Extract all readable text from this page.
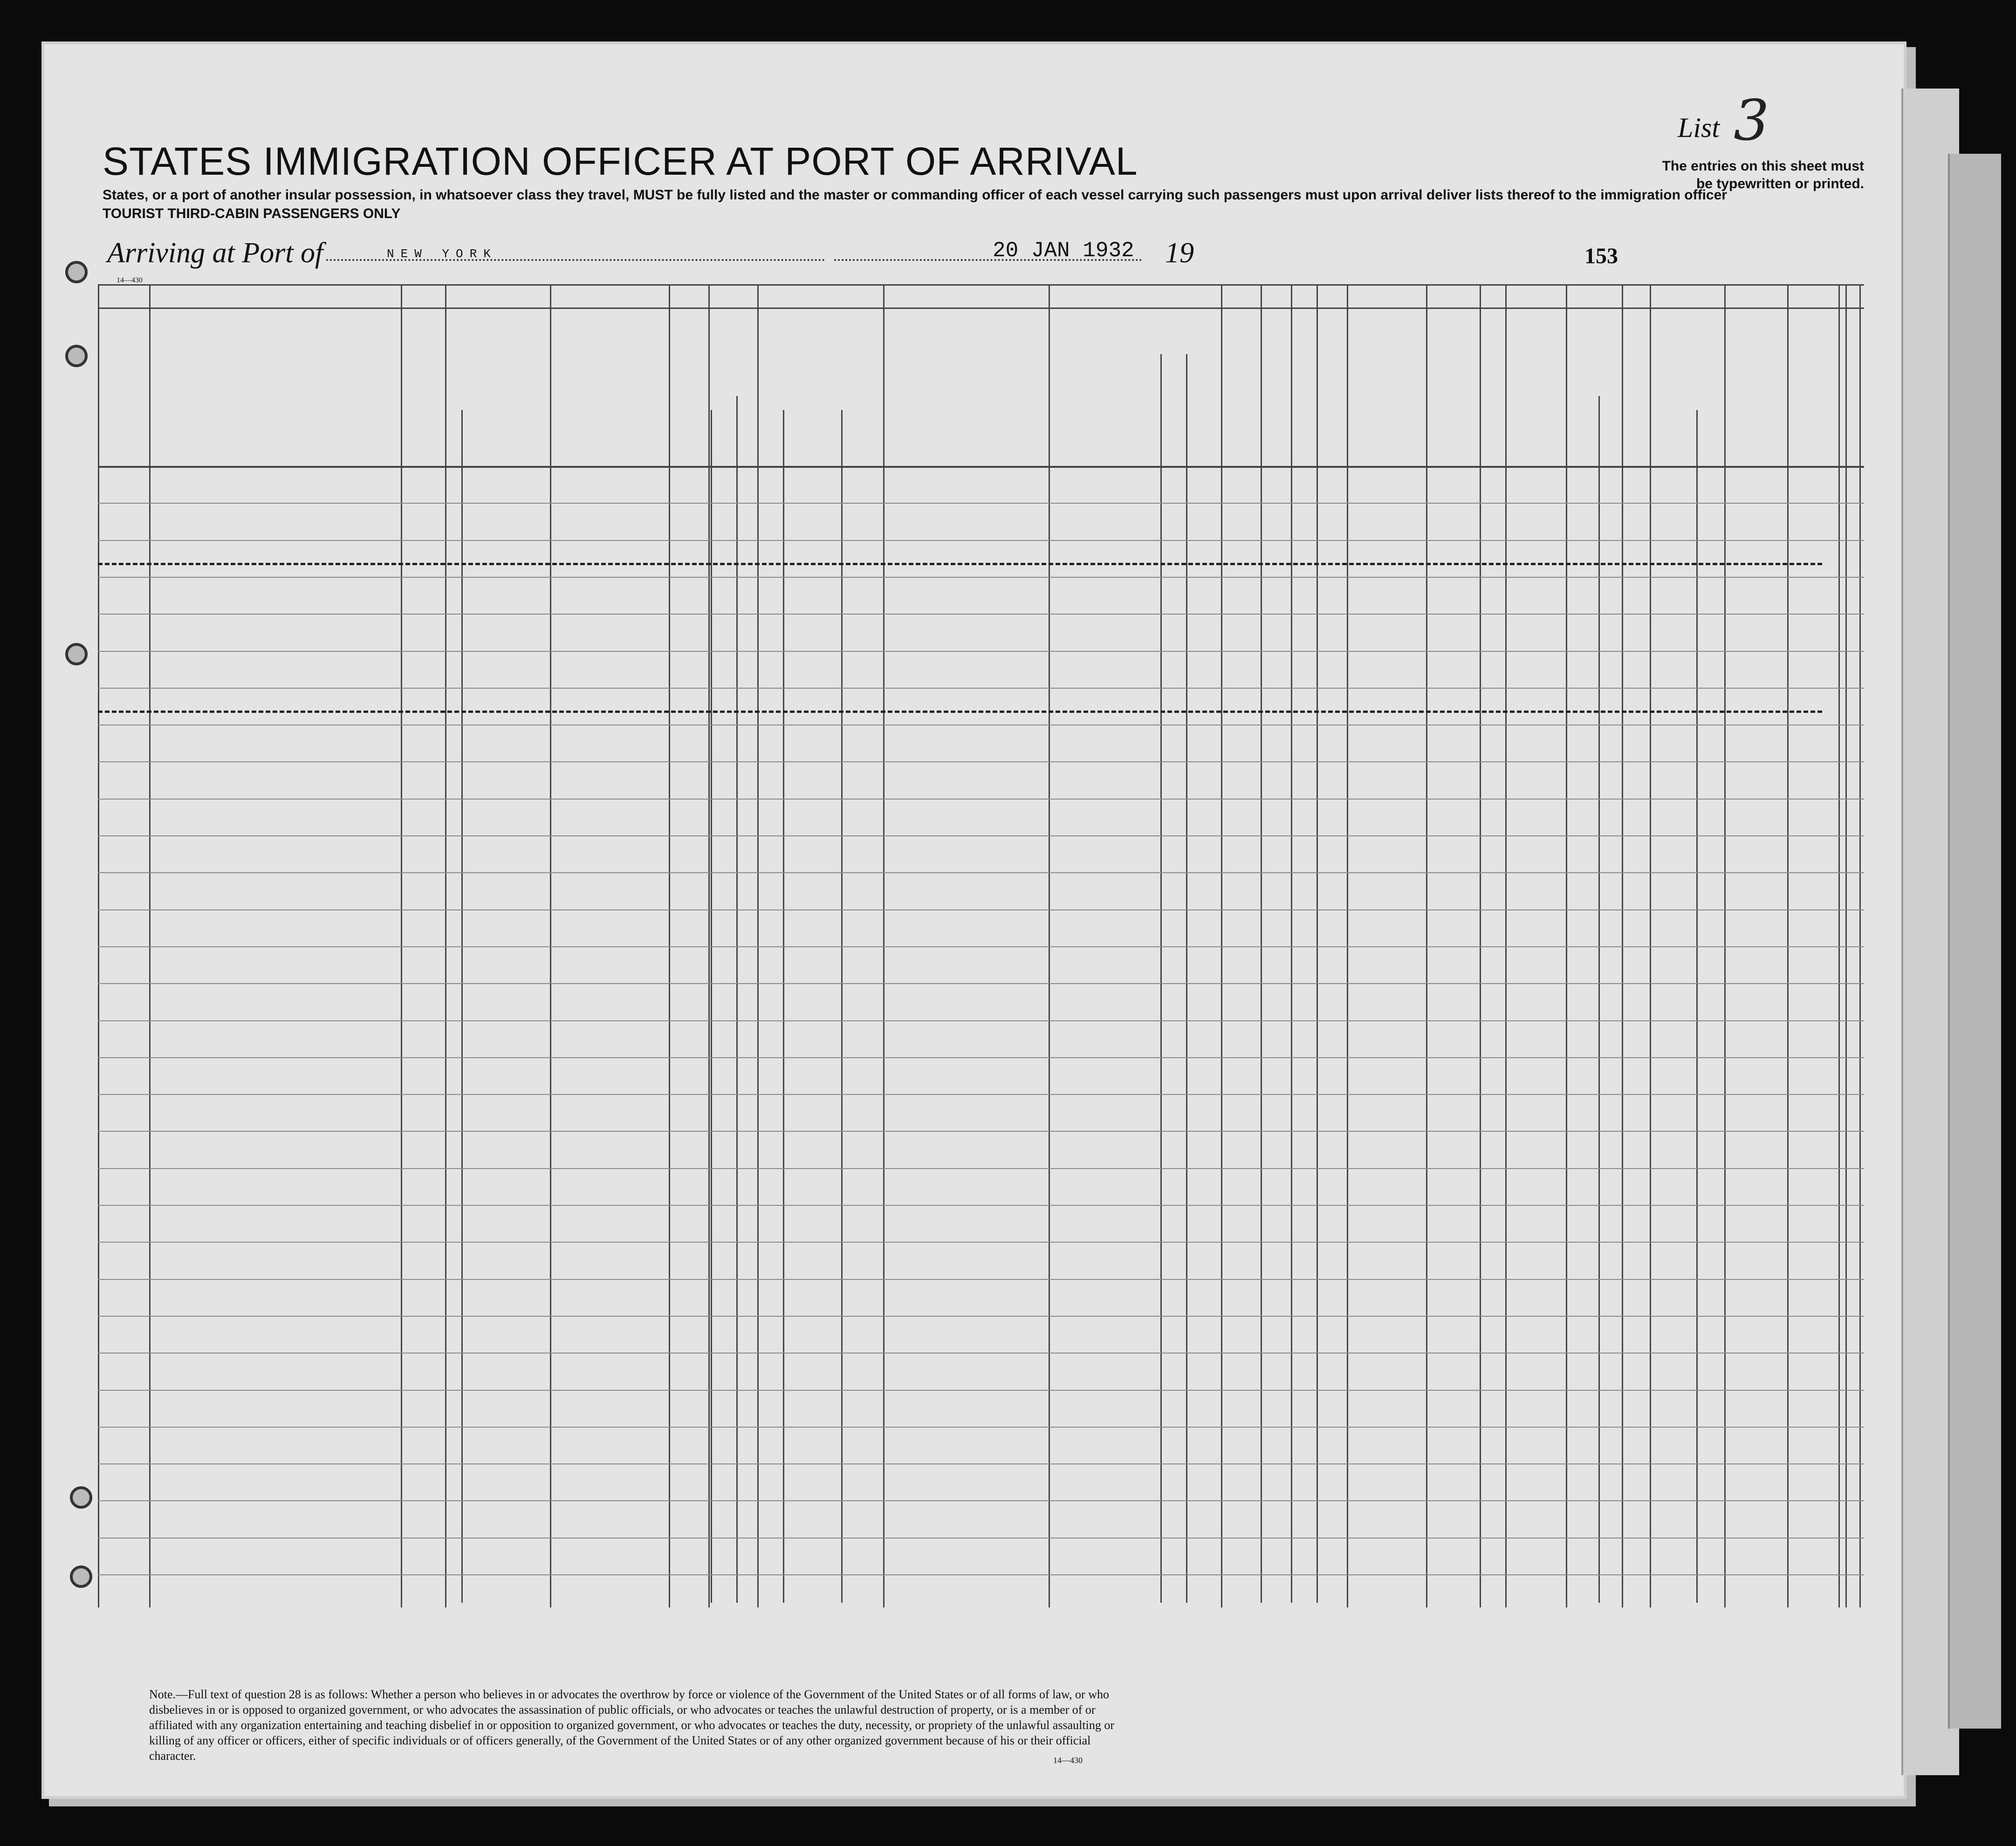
STATES IMMIGRATION OFFICER AT PORT OF ARRIVAL
States, or a port of another insular possession, in whatsoever class they travel, MUST be fully listed and the master or commanding officer of each vessel carrying such passengers must upon arrival deliver lists thereof to the immigration officer
TOURIST THIRD-CABIN PASSENGERS ONLY
List 3
The entries on this sheet must
be typewritten or printed.
Arriving at Port of	NEW YORK	20 JAN 1932 19	153
14—430
Note.—Full text of question 28 is as follows: Whether a person who believes in or advocates the overthrow by force or violence of the Government of the United States or of all forms of law, or who disbelieves in or is opposed to organized government, or who advocates the assassination of public officials, or who advocates or teaches the unlawful destruction of property, or is a member of or affiliated with any organization entertaining and teaching disbelief in or opposition to organized government, or who advocates or teaches the duty, necessity, or propriety of the unlawful assaulting or killing of any officer or officers, either of specific individuals or of officers generally, of the Government of the United States or of any other organized government because of his or their official character.	14—430
